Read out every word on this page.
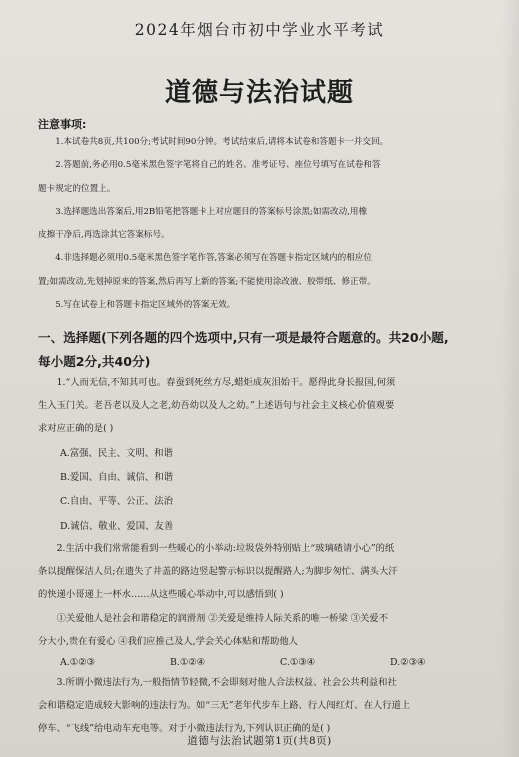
2024年烟台市初中学业水平考试
道德与法治试题
注意事项:

1.本试卷共8页,共100分;考试时间90分钟。考试结束后,请将本试卷和答题卡一并交回。

2.答题前,务必用0.5毫米黑色签字笔将自己的姓名、准考证号、座位号填写在试卷和答

题卡规定的位置上。

3.选择题选出答案后,用2B铅笔把答题卡上对应题目的答案标号涂黑;如需改动,用橡

皮擦干净后,再选涂其它答案标号。

4.非选择题必须用0.5毫米黑色签字笔作答,答案必须写在答题卡指定区域内的相应位

置;如需改动,先划掉原来的答案,然后再写上新的答案;不能使用涂改液、胶带纸、修正带。

5.写在试卷上和答题卡指定区域外的答案无效。

一、选择题(下列各题的四个选项中,只有一项是最符合题意的。共20小题,
每小题2分,共40分)

1.“人而无信,不知其可也。春蚕到死丝方尽,蜡炬成灰泪始干。愿得此身长报国,何须

生入玉门关。老吾老以及人之老,幼吾幼以及人之幼。”上述语句与社会主义核心价值观要

求对应正确的是( )

A.富强、民主、文明、和谐

B.爱国、自由、诚信、和谐

C.自由、平等、公正、法治

D.诚信、敬业、爱国、友善

2.生活中我们常常能看到一些暖心的小举动:垃圾袋外特别贴上“玻璃碴请小心”的纸

条以提醒保洁人员;在遗失了井盖的路边竖起警示标识以提醒路人;为脚步匆忙、满头大汗

的快递小哥递上一杯水……从这些暖心举动中,可以感悟到( )

①关爱他人是社会和谐稳定的润滑剂 ②关爱是维持人际关系的唯一桥梁 ③关爱不

分大小,贵在有爱心 ④我们应推己及人,学会关心体贴和帮助他人

A.①②③	B.①②④	C.①③④	D.②③④

3.所谓小微违法行为,一般指情节轻微,不会即刻对他人合法权益、社会公共利益和社

会和谐稳定造成较大影响的违法行为。如“三无”老年代步车上路、行人闯红灯、在人行道上

停车、“飞线”给电动车充电等。对于小微违法行为,下列认识正确的是( )

道德与法治试题第1页(共8页)
